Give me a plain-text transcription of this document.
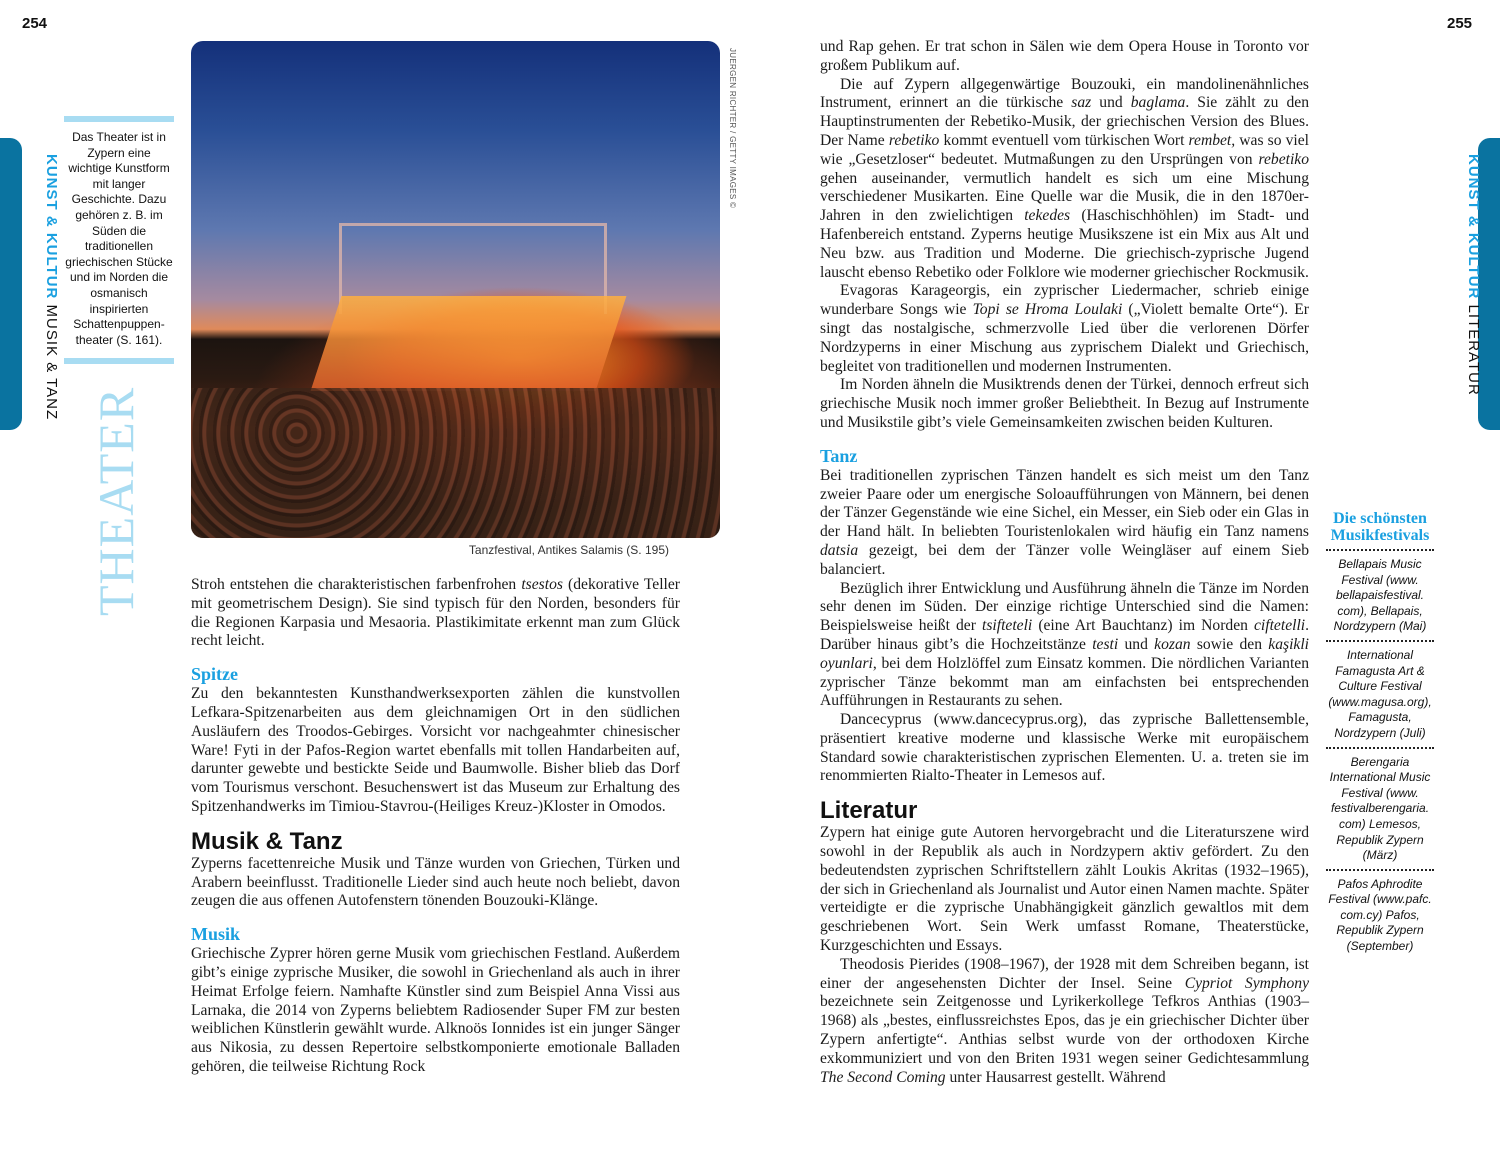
254	255
KUNST & KULTUR MUSIK & TANZ
KUNST & KULTUR LITERATUR
Das Theater ist in Zypern eine wichtige Kunstform mit langer Geschichte. Dazu gehören z. B. im Süden die traditionellen griechischen Stücke und im Norden die osmanisch inspirierten Schattenpuppentheater (S. 161).
THEATER
JUERGEN RICHTER / GETTY IMAGES ©
Tanzfestival, Antikes Salamis (S. 195)

Stroh entstehen die charakteristischen farbenfrohen tsestos (dekorative Teller mit geometrischem Design). Sie sind typisch für den Norden, besonders für die Regionen Karpasia und Mesaoria. Plastikimitate erkennt man zum Glück recht leicht.

Spitze

Zu den bekanntesten Kunsthandwerksexporten zählen die kunstvollen Lefkara-Spitzenarbeiten aus dem gleichnamigen Ort in den südlichen Ausläufern des Troodos-Gebirges. Vorsicht vor nachgeahmter chinesischer Ware! Fyti in der Pafos-Region wartet ebenfalls mit tollen Handarbeiten auf, darunter gewebte und bestickte Seide und Baumwolle. Bisher blieb das Dorf vom Tourismus verschont. Besuchenswert ist das Museum zur Erhaltung des Spitzenhandwerks im Timiou-Stavrou-(Heiliges Kreuz-)Kloster in Omodos.

Musik & Tanz

Zyperns facettenreiche Musik und Tänze wurden von Griechen, Türken und Arabern beeinflusst. Traditionelle Lieder sind auch heute noch beliebt, davon zeugen die aus offenen Autofenstern tönenden Bouzouki-Klänge.

Musik

Griechische Zyprer hören gerne Musik vom griechischen Festland. Außerdem gibt’s einige zyprische Musiker, die sowohl in Griechenland als auch in ihrer Heimat Erfolge feiern. Namhafte Künstler sind zum Beispiel Anna Vissi aus Larnaka, die 2014 von Zyperns beliebtem Radiosender Super FM zur besten weiblichen Künstlerin gewählt wurde. Alknoös Ionnides ist ein junger Sänger aus Nikosia, zu dessen Repertoire selbstkomponierte emotionale Balladen gehören, die teilweise Richtung Rock

und Rap gehen. Er trat schon in Sälen wie dem Opera House in Toronto vor großem Publikum auf.

Die auf Zypern allgegenwärtige Bouzouki, ein mandolinenähnliches Instrument, erinnert an die türkische saz und baglama. Sie zählt zu den Hauptinstrumenten der Rebetiko-Musik, der griechischen Version des Blues. Der Name rebetiko kommt eventuell vom türkischen Wort rembet, was so viel wie „Gesetzloser“ bedeutet. Mutmaßungen zu den Ursprüngen von rebetiko gehen auseinander, vermutlich handelt es sich um eine Mischung verschiedener Musikarten. Eine Quelle war die Musik, die in den 1870er-Jahren in den zwielichtigen tekedes (Haschischhöhlen) im Stadt- und Hafenbereich entstand. Zyperns heutige Musikszene ist ein Mix aus Alt und Neu bzw. aus Tradition und Moderne. Die griechisch-zyprische Jugend lauscht ebenso Rebetiko oder Folklore wie moderner griechischer Rockmusik.

Evagoras Karageorgis, ein zyprischer Liedermacher, schrieb einige wunderbare Songs wie Topi se Hroma Loulaki („Violett bemalte Orte“). Er singt das nostalgische, schmerzvolle Lied über die verlorenen Dörfer Nordzyperns in einer Mischung aus zyprischem Dialekt und Griechisch, begleitet von traditionellen und modernen Instrumenten.

Im Norden ähneln die Musiktrends denen der Türkei, dennoch erfreut sich griechische Musik noch immer großer Beliebtheit. In Bezug auf Instrumente und Musikstile gibt’s viele Gemeinsamkeiten zwischen beiden Kulturen.

Tanz

Bei traditionellen zyprischen Tänzen handelt es sich meist um den Tanz zweier Paare oder um energische Soloaufführungen von Männern, bei denen der Tänzer Gegenstände wie eine Sichel, ein Messer, ein Sieb oder ein Glas in der Hand hält. In beliebten Touristenlokalen wird häufig ein Tanz namens datsia gezeigt, bei dem der Tänzer volle Weingläser auf einem Sieb balanciert.

Bezüglich ihrer Entwicklung und Ausführung ähneln die Tänze im Norden sehr denen im Süden. Der einzige richtige Unterschied sind die Namen: Beispielsweise heißt der tsifteteli (eine Art Bauchtanz) im Norden ciftetelli. Darüber hinaus gibt’s die Hochzeitstänze testi und kozan sowie den kaşikli oyunlari, bei dem Holzlöffel zum Einsatz kommen. Die nördlichen Varianten zyprischer Tänze bekommt man am einfachsten bei entsprechenden Aufführungen in Restaurants zu sehen.

Dancecyprus (www.dancecyprus.org), das zyprische Ballettensemble, präsentiert kreative moderne und klassische Werke mit europäischem Standard sowie charakteristischen zyprischen Elementen. U. a. treten sie im renommierten Rialto-Theater in Lemesos auf.

Literatur

Zypern hat einige gute Autoren hervorgebracht und die Literaturszene wird sowohl in der Republik als auch in Nordzypern aktiv gefördert. Zu den bedeutendsten zyprischen Schriftstellern zählt Loukis Akritas (1932–1965), der sich in Griechenland als Journalist und Autor einen Namen machte. Später verteidigte er die zyprische Unabhängigkeit gänzlich gewaltlos mit dem geschriebenen Wort. Sein Werk umfasst Romane, Theaterstücke, Kurzgeschichten und Essays.

Theodosis Pierides (1908–1967), der 1928 mit dem Schreiben begann, ist einer der angesehensten Dichter der Insel. Seine Cypriot Symphony bezeichnete sein Zeitgenosse und Lyrikerkollege Tefkros Anthias (1903–1968) als „bestes, einflussreichstes Epos, das je ein griechischer Dichter über Zypern anfertigte“. Anthias selbst wurde von der orthodoxen Kirche exkommuniziert und von den Briten 1931 wegen seiner Gedichtesammlung The Second Coming unter Hausarrest gestellt. Während

Die schönsten Musikfestivals
Bellapais Music Festival (www. bellapaisfestival. com), Bellapais, Nordzypern (Mai)
International Famagusta Art & Culture Festival (www.magusa.org), Famagusta, Nordzypern (Juli)
Berengaria International Music Festival (www. festivalberengaria. com) Lemesos, Republik Zypern (März)
Pafos Aphrodite Festival (www.pafc. com.cy) Pafos, Republik Zypern (September)
